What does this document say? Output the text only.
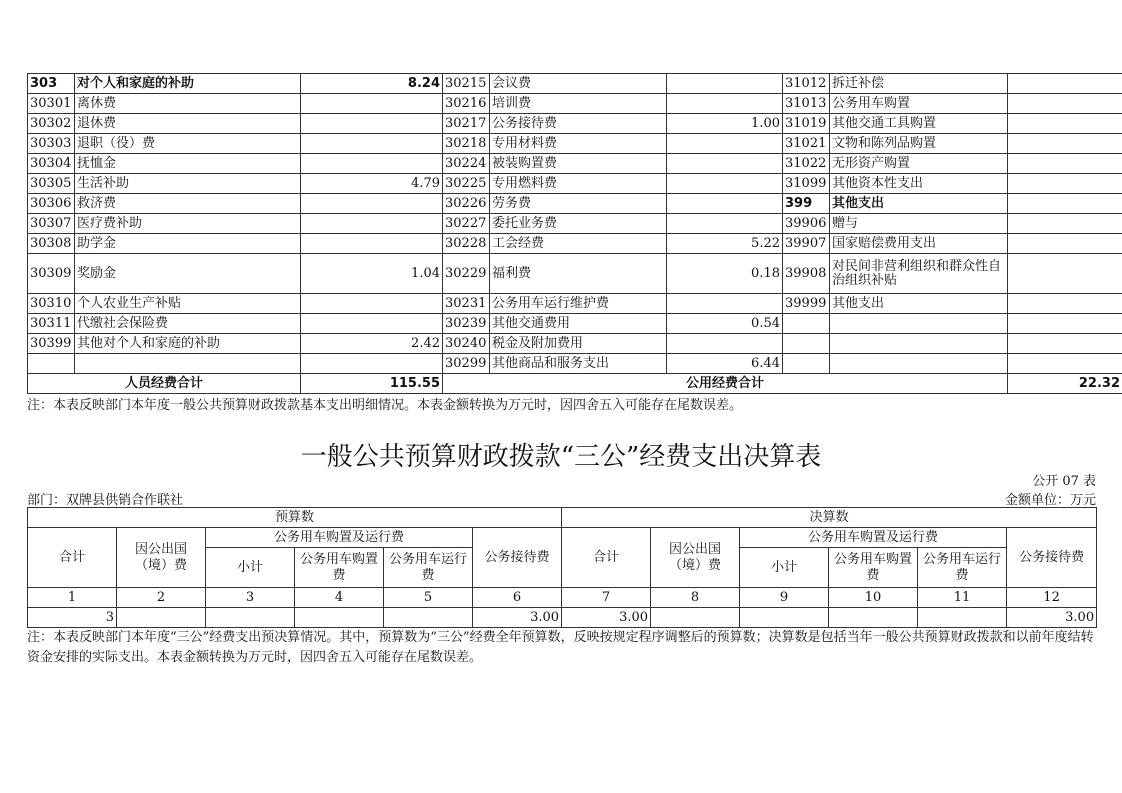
303	对个人和家庭的补助	8.24	30215	会议费		31012	拆迁补偿	
30301	离休费		30216	培训费		31013	公务用车购置	
30302	退休费		30217	公务接待费	1.00	31019	其他交通工具购置	
30303	退职（役）费		30218	专用材料费		31021	文物和陈列品购置	
30304	抚恤金		30224	被装购置费		31022	无形资产购置	
30305	生活补助	4.79	30225	专用燃料费		31099	其他资本性支出	
30306	救济费		30226	劳务费		399	其他支出	
30307	医疗费补助		30227	委托业务费		39906	赠与	
30308	助学金		30228	工会经费	5.22	39907	国家赔偿费用支出	
30309	奖励金	1.04	30229	福利费	0.18	39908	对民间非营利组织和群众性自治组织补贴	
30310	个人农业生产补贴		30231	公务用车运行维护费		39999	其他支出	
30311	代缴社会保险费		30239	其他交通费用	0.54			
30399	其他对个人和家庭的补助	2.42	30240	税金及附加费用				
			30299	其他商品和服务支出	6.44			
人员经费合计		115.55	公用经费合计					22.32
注：本表反映部门本年度一般公共预算财政拨款基本支出明细情况。本表金额转换为万元时，因四舍五入可能存在尾数误差。
一般公共预算财政拨款“三公”经费支出决算表
公开 07 表
部门：双牌县供销合作联社	金额单位：万元
预算数						决算数					
合计	因公出国（境）费	公务用车购置及运行费			公务接待费	合计	因公出国（境）费	公务用车购置及运行费			公务接待费
		小计	公务用车购置费	公务用车运行费				小计	公务用车购置费	公务用车运行费	
1	2	3	4	5	6	7	8	9	10	11	12
3					3.00	3.00					3.00
注：本表反映部门本年度“三公”经费支出预决算情况。其中，预算数为“三公”经费全年预算数，反映按规定程序调整后的预算数；决算数是包括当年一般公共预算财政拨款和以前年度结转资金安排的实际支出。本表金额转换为万元时，因四舍五入可能存在尾数误差。
